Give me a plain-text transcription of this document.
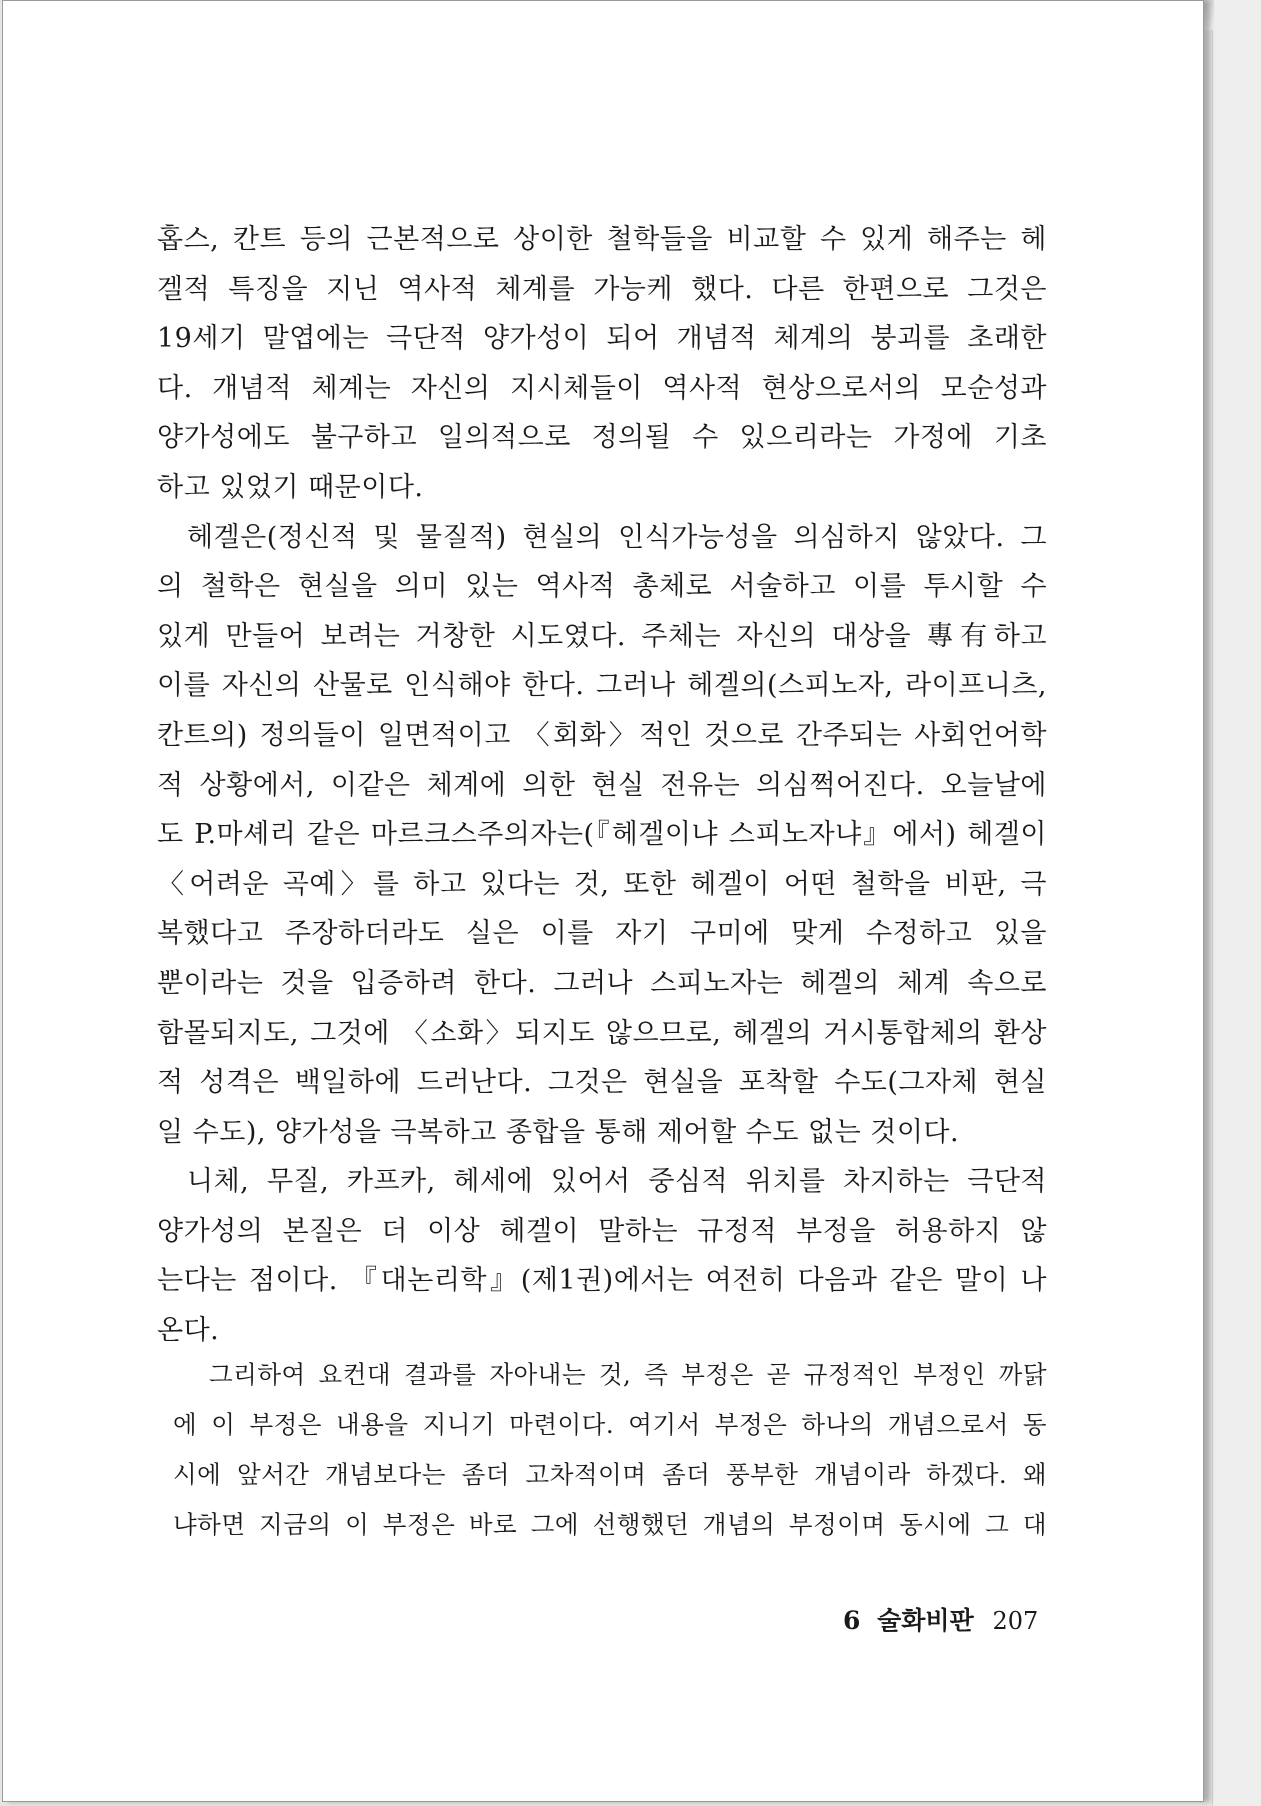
홉스, 칸트 등의 근본적으로 상이한 철학들을 비교할 수 있게 해주는 헤
겔적 특징을 지닌 역사적 체계를 가능케 했다. 다른 한편으로 그것은
19세기 말엽에는 극단적 양가성이 되어 개념적 체계의 붕괴를 초래한
다. 개념적 체계는 자신의 지시체들이 역사적 현상으로서의 모순성과
양가성에도 불구하고 일의적으로 정의될 수 있으리라는 가정에 기초
하고 있었기 때문이다.
헤겔은(정신적 및 물질적) 현실의 인식가능성을 의심하지 않았다. 그
의 철학은 현실을 의미 있는 역사적 총체로 서술하고 이를 투시할 수
있게 만들어 보려는 거창한 시도였다. 주체는 자신의 대상을 專有하고
이를 자신의 산물로 인식해야 한다. 그러나 헤겔의(스피노자, 라이프니츠,
칸트의) 정의들이 일면적이고 〈회화〉적인 것으로 간주되는 사회언어학
적 상황에서, 이같은 체계에 의한 현실 전유는 의심쩍어진다. 오늘날에
도 P.마셰리 같은 마르크스주의자는(『헤겔이냐 스피노자냐』에서) 헤겔이
〈어려운 곡예〉를 하고 있다는 것, 또한 헤겔이 어떤 철학을 비판, 극
복했다고 주장하더라도 실은 이를 자기 구미에 맞게 수정하고 있을
뿐이라는 것을 입증하려 한다. 그러나 스피노자는 헤겔의 체계 속으로
함몰되지도, 그것에 〈소화〉되지도 않으므로, 헤겔의 거시통합체의 환상
적 성격은 백일하에 드러난다. 그것은 현실을 포착할 수도(그자체 현실
일 수도), 양가성을 극복하고 종합을 통해 제어할 수도 없는 것이다.
니체, 무질, 카프카, 헤세에 있어서 중심적 위치를 차지하는 극단적
양가성의 본질은 더 이상 헤겔이 말하는 규정적 부정을 허용하지 않
는다는 점이다. 『대논리학』(제1권)에서는 여전히 다음과 같은 말이 나
온다.
그리하여 요컨대 결과를 자아내는 것, 즉 부정은 곧 규정적인 부정인 까닭
에 이 부정은 내용을 지니기 마련이다. 여기서 부정은 하나의 개념으로서 동
시에 앞서간 개념보다는 좀더 고차적이며 좀더 풍부한 개념이라 하겠다. 왜
냐하면 지금의 이 부정은 바로 그에 선행했던 개념의 부정이며 동시에 그 대
6 술화비판 207
